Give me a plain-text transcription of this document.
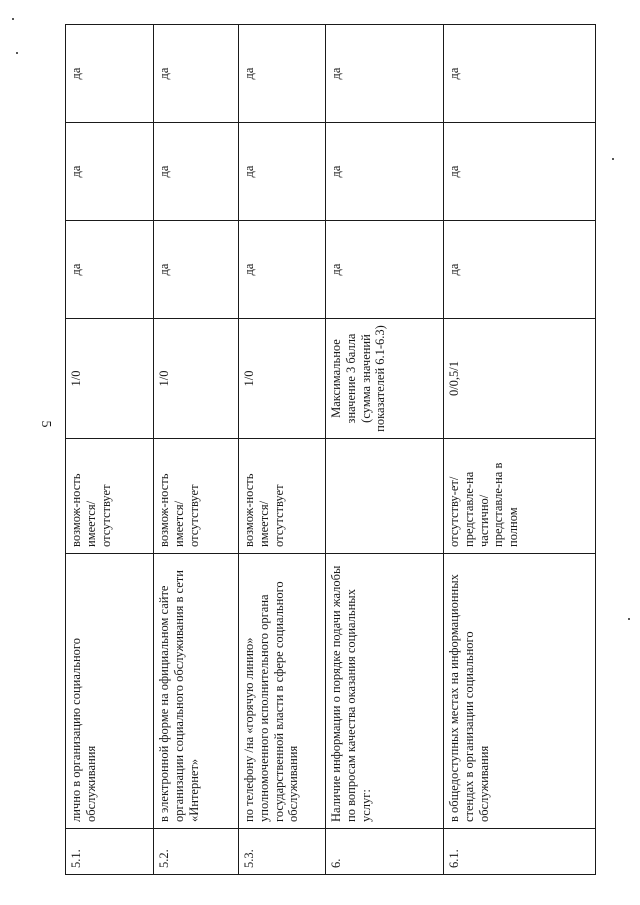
5
5.1.	лично в организацию социального обслуживания	возмож-ность имеется/ отсутствует	1/0	да	да	да
5.2.	в электронной форме на официальном сайте организации социального обслуживания в сети «Интернет»	возмож-ность имеется/ отсутствует	1/0	да	да	да
5.3.	по телефону /на «горячую линию» уполномоченного исполнительного органа государственной власти в сфере социального обслуживания	возмож-ность имеется/ отсутствует	1/0	да	да	да
6.	Наличие информации о порядке подачи жалобы по вопросам качества оказания социальных услуг:		Максимальное значение 3 балла (сумма значений показателей 6.1-6.3)	да	да	да
6.1.	в общедоступных местах на информационных стендах в организации социального обслуживания	отсутству-ет/ представле-на частично/ представле-на в полном	0/0,5/1	да	да	да
